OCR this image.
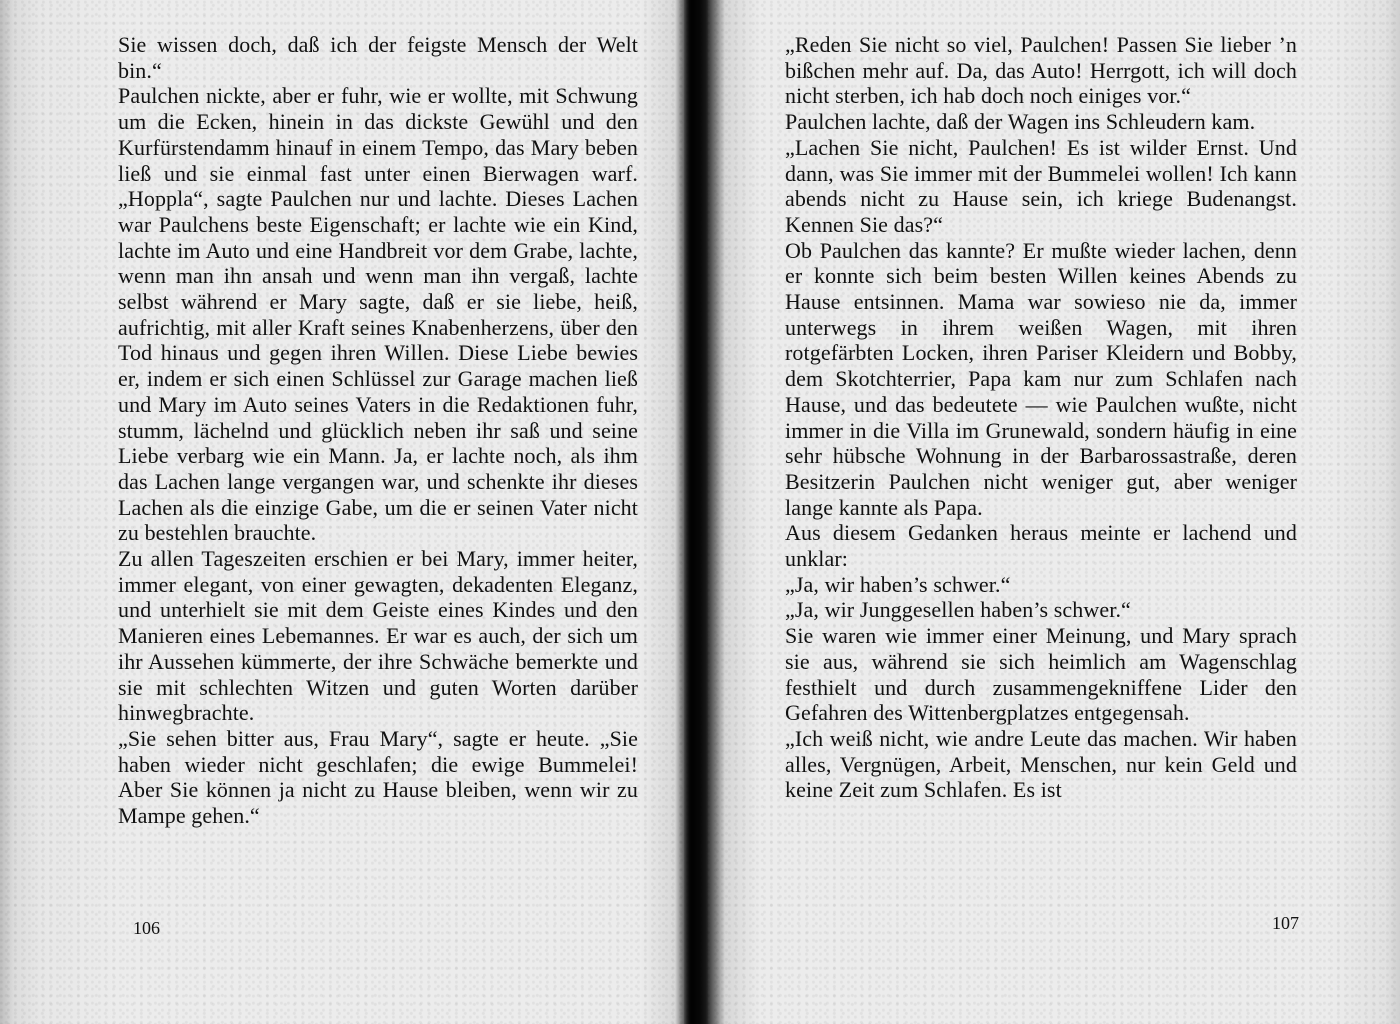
Sie wissen doch, daß ich der feigste Mensch der Welt bin.“

Paulchen nickte, aber er fuhr, wie er wollte, mit Schwung um die Ecken, hinein in das dickste Gewühl und den Kurfürstendamm hinauf in einem Tempo, das Mary beben ließ und sie einmal fast unter einen Bierwagen warf. „Hoppla“, sagte Paulchen nur und lachte. Dieses Lachen war Paulchens beste Eigenschaft; er lachte wie ein Kind, lachte im Auto und eine Handbreit vor dem Grabe, lachte, wenn man ihn ansah und wenn man ihn vergaß, lachte selbst während er Mary sagte, daß er sie liebe, heiß, aufrichtig, mit aller Kraft seines Knabenherzens, über den Tod hinaus und gegen ihren Willen. Diese Liebe bewies er, indem er sich einen Schlüssel zur Garage machen ließ und Mary im Auto seines Vaters in die Redaktionen fuhr, stumm, lächelnd und glücklich neben ihr saß und seine Liebe verbarg wie ein Mann. Ja, er lachte noch, als ihm das Lachen lange vergangen war, und schenkte ihr dieses Lachen als die einzige Gabe, um die er seinen Vater nicht zu bestehlen brauchte.

Zu allen Tageszeiten erschien er bei Mary, immer heiter, immer elegant, von einer gewagten, dekadenten Eleganz, und unterhielt sie mit dem Geiste eines Kindes und den Manieren eines Lebemannes. Er war es auch, der sich um ihr Aussehen kümmerte, der ihre Schwäche bemerkte und sie mit schlechten Witzen und guten Worten darüber hinwegbrachte.

„Sie sehen bitter aus, Frau Mary“, sagte er heute. „Sie haben wieder nicht geschlafen; die ewige Bummelei! Aber Sie können ja nicht zu Hause bleiben, wenn wir zu Mampe gehen.“

„Reden Sie nicht so viel, Paulchen! Passen Sie lieber ’n bißchen mehr auf. Da, das Auto! Herrgott, ich will doch nicht sterben, ich hab doch noch einiges vor.“

Paulchen lachte, daß der Wagen ins Schleudern kam.

„Lachen Sie nicht, Paulchen! Es ist wilder Ernst. Und dann, was Sie immer mit der Bummelei wollen! Ich kann abends nicht zu Hause sein, ich kriege Budenangst. Kennen Sie das?“

Ob Paulchen das kannte? Er mußte wieder lachen, denn er konnte sich beim besten Willen keines Abends zu Hause entsinnen. Mama war sowieso nie da, immer unterwegs in ihrem weißen Wagen, mit ihren rotgefärbten Locken, ihren Pariser Kleidern und Bobby, dem Skotchterrier, Papa kam nur zum Schlafen nach Hause, und das bedeutete — wie Paulchen wußte, nicht immer in die Villa im Grunewald, sondern häufig in eine sehr hübsche Wohnung in der Barbarossastraße, deren Besitzerin Paulchen nicht weniger gut, aber weniger lange kannte als Papa.

Aus diesem Gedanken heraus meinte er lachend und unklar:

„Ja, wir haben’s schwer.“

„Ja, wir Junggesellen haben’s schwer.“

Sie waren wie immer einer Meinung, und Mary sprach sie aus, während sie sich heimlich am Wagenschlag festhielt und durch zusammengekniffene Lider den Gefahren des Wittenbergplatzes entgegensah.

„Ich weiß nicht, wie andre Leute das machen. Wir haben alles, Vergnügen, Arbeit, Menschen, nur kein Geld und keine Zeit zum Schlafen. Es ist

106	107
